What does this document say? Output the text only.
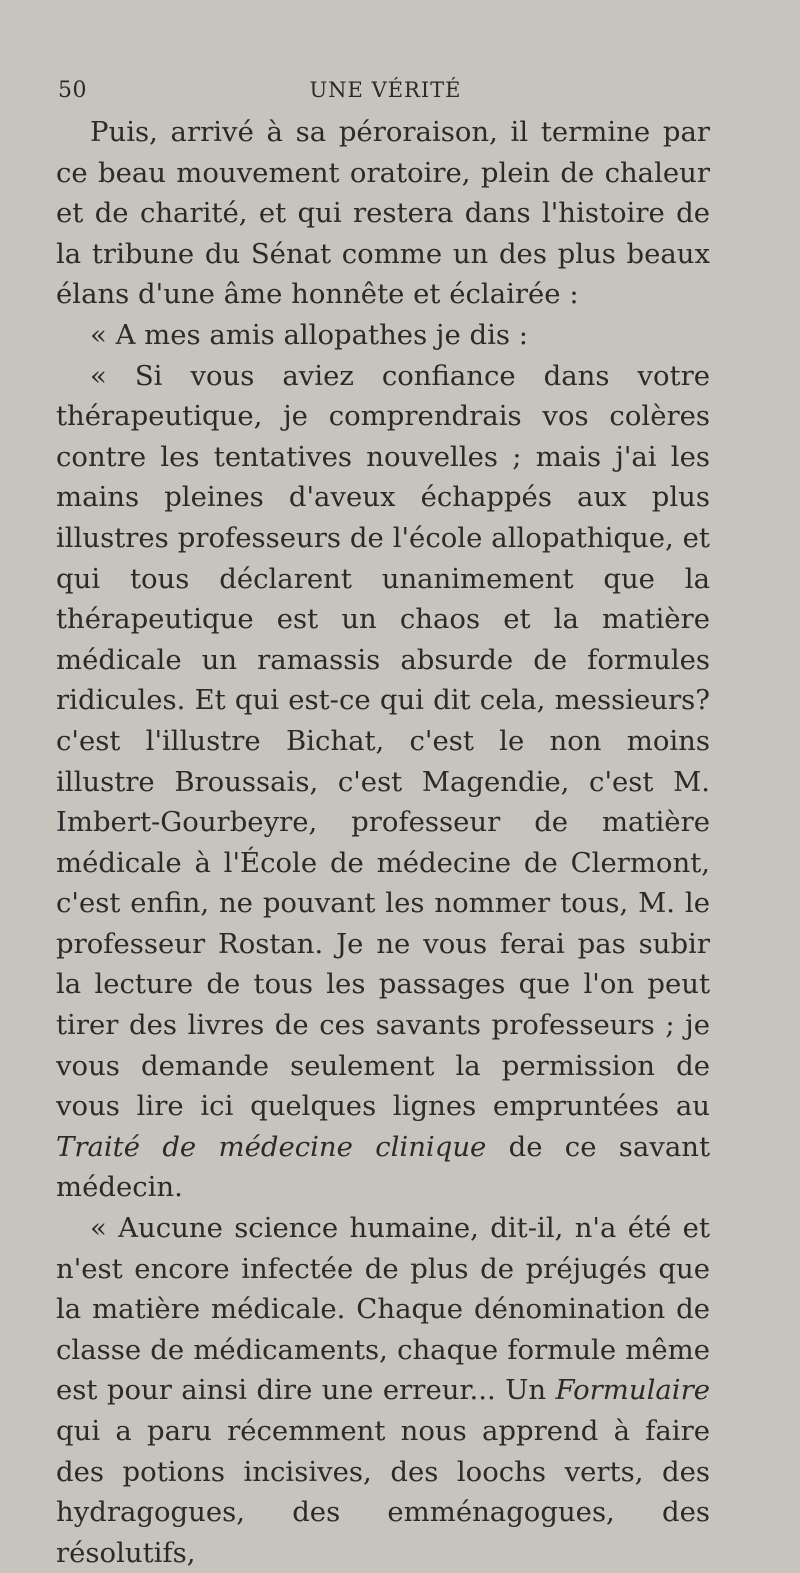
50	UNE VÉRITÉ

Puis, arrivé à sa péroraison, il termine par ce beau mouvement oratoire, plein de chaleur et de charité, et qui restera dans l'histoire de la tribune du Sénat comme un des plus beaux élans d'une âme honnête et éclairée :

« A mes amis allopathes je dis :

« Si vous aviez confiance dans votre thérapeutique, je comprendrais vos colères contre les tentatives nouvelles ; mais j'ai les mains pleines d'aveux échappés aux plus illustres professeurs de l'école allopathique, et qui tous déclarent unanimement que la thérapeutique est un chaos et la matière médicale un ramassis absurde de formules ridicules. Et qui est-ce qui dit cela, messieurs? c'est l'illustre Bichat, c'est le non moins illustre Broussais, c'est Magendie, c'est M. Imbert-Gourbeyre, professeur de matière médicale à l'École de médecine de Clermont, c'est enfin, ne pouvant les nommer tous, M. le professeur Rostan. Je ne vous ferai pas subir la lecture de tous les passages que l'on peut tirer des livres de ces savants professeurs ; je vous demande seulement la permission de vous lire ici quelques lignes empruntées au Traité de médecine clinique de ce savant médecin.

« Aucune science humaine, dit-il, n'a été et n'est encore infectée de plus de préjugés que la matière médicale. Chaque dénomination de classe de médicaments, chaque formule même est pour ainsi dire une erreur... Un Formulaire qui a paru récemment nous apprend à faire des potions incisives, des loochs verts, des hydragogues, des emménagogues, des résolutifs,
